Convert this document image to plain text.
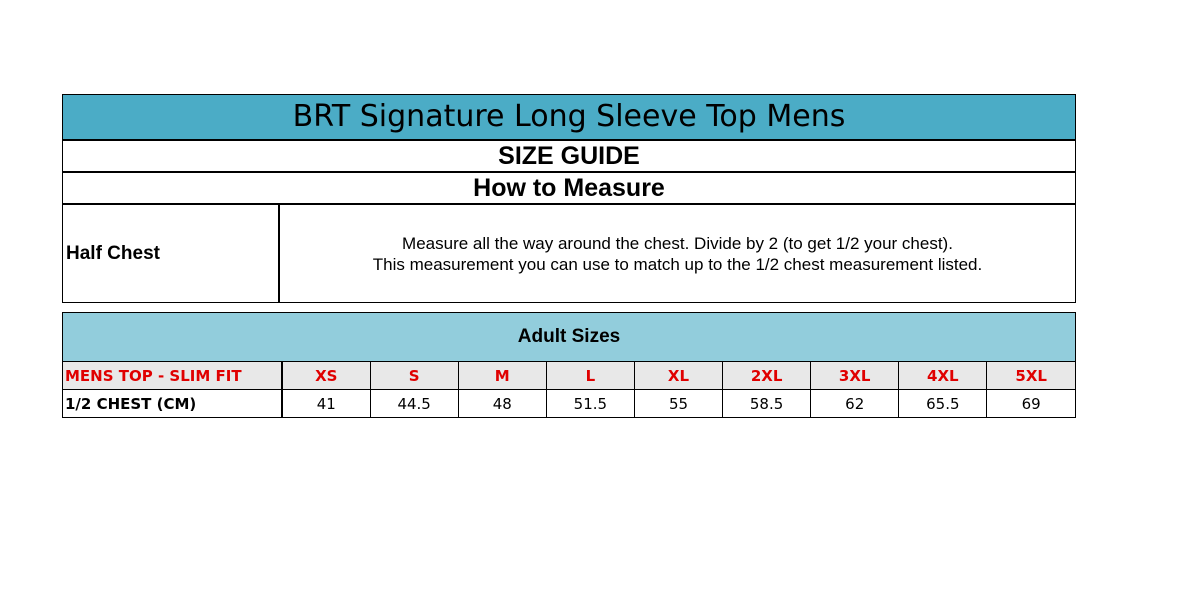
BRT Signature Long Sleeve Top Mens
SIZE GUIDE
How to Measure
Half Chest	Measure all the way around the chest. Divide by 2 (to get 1/2 your chest).
This measurement you can use to match up to the 1/2 chest measurement listed.
Adult Sizes
MENS TOP - SLIM FIT	XS	S	M	L	XL	2XL	3XL	4XL	5XL
1/2 CHEST (CM)	41	44.5	48	51.5	55	58.5	62	65.5	69
